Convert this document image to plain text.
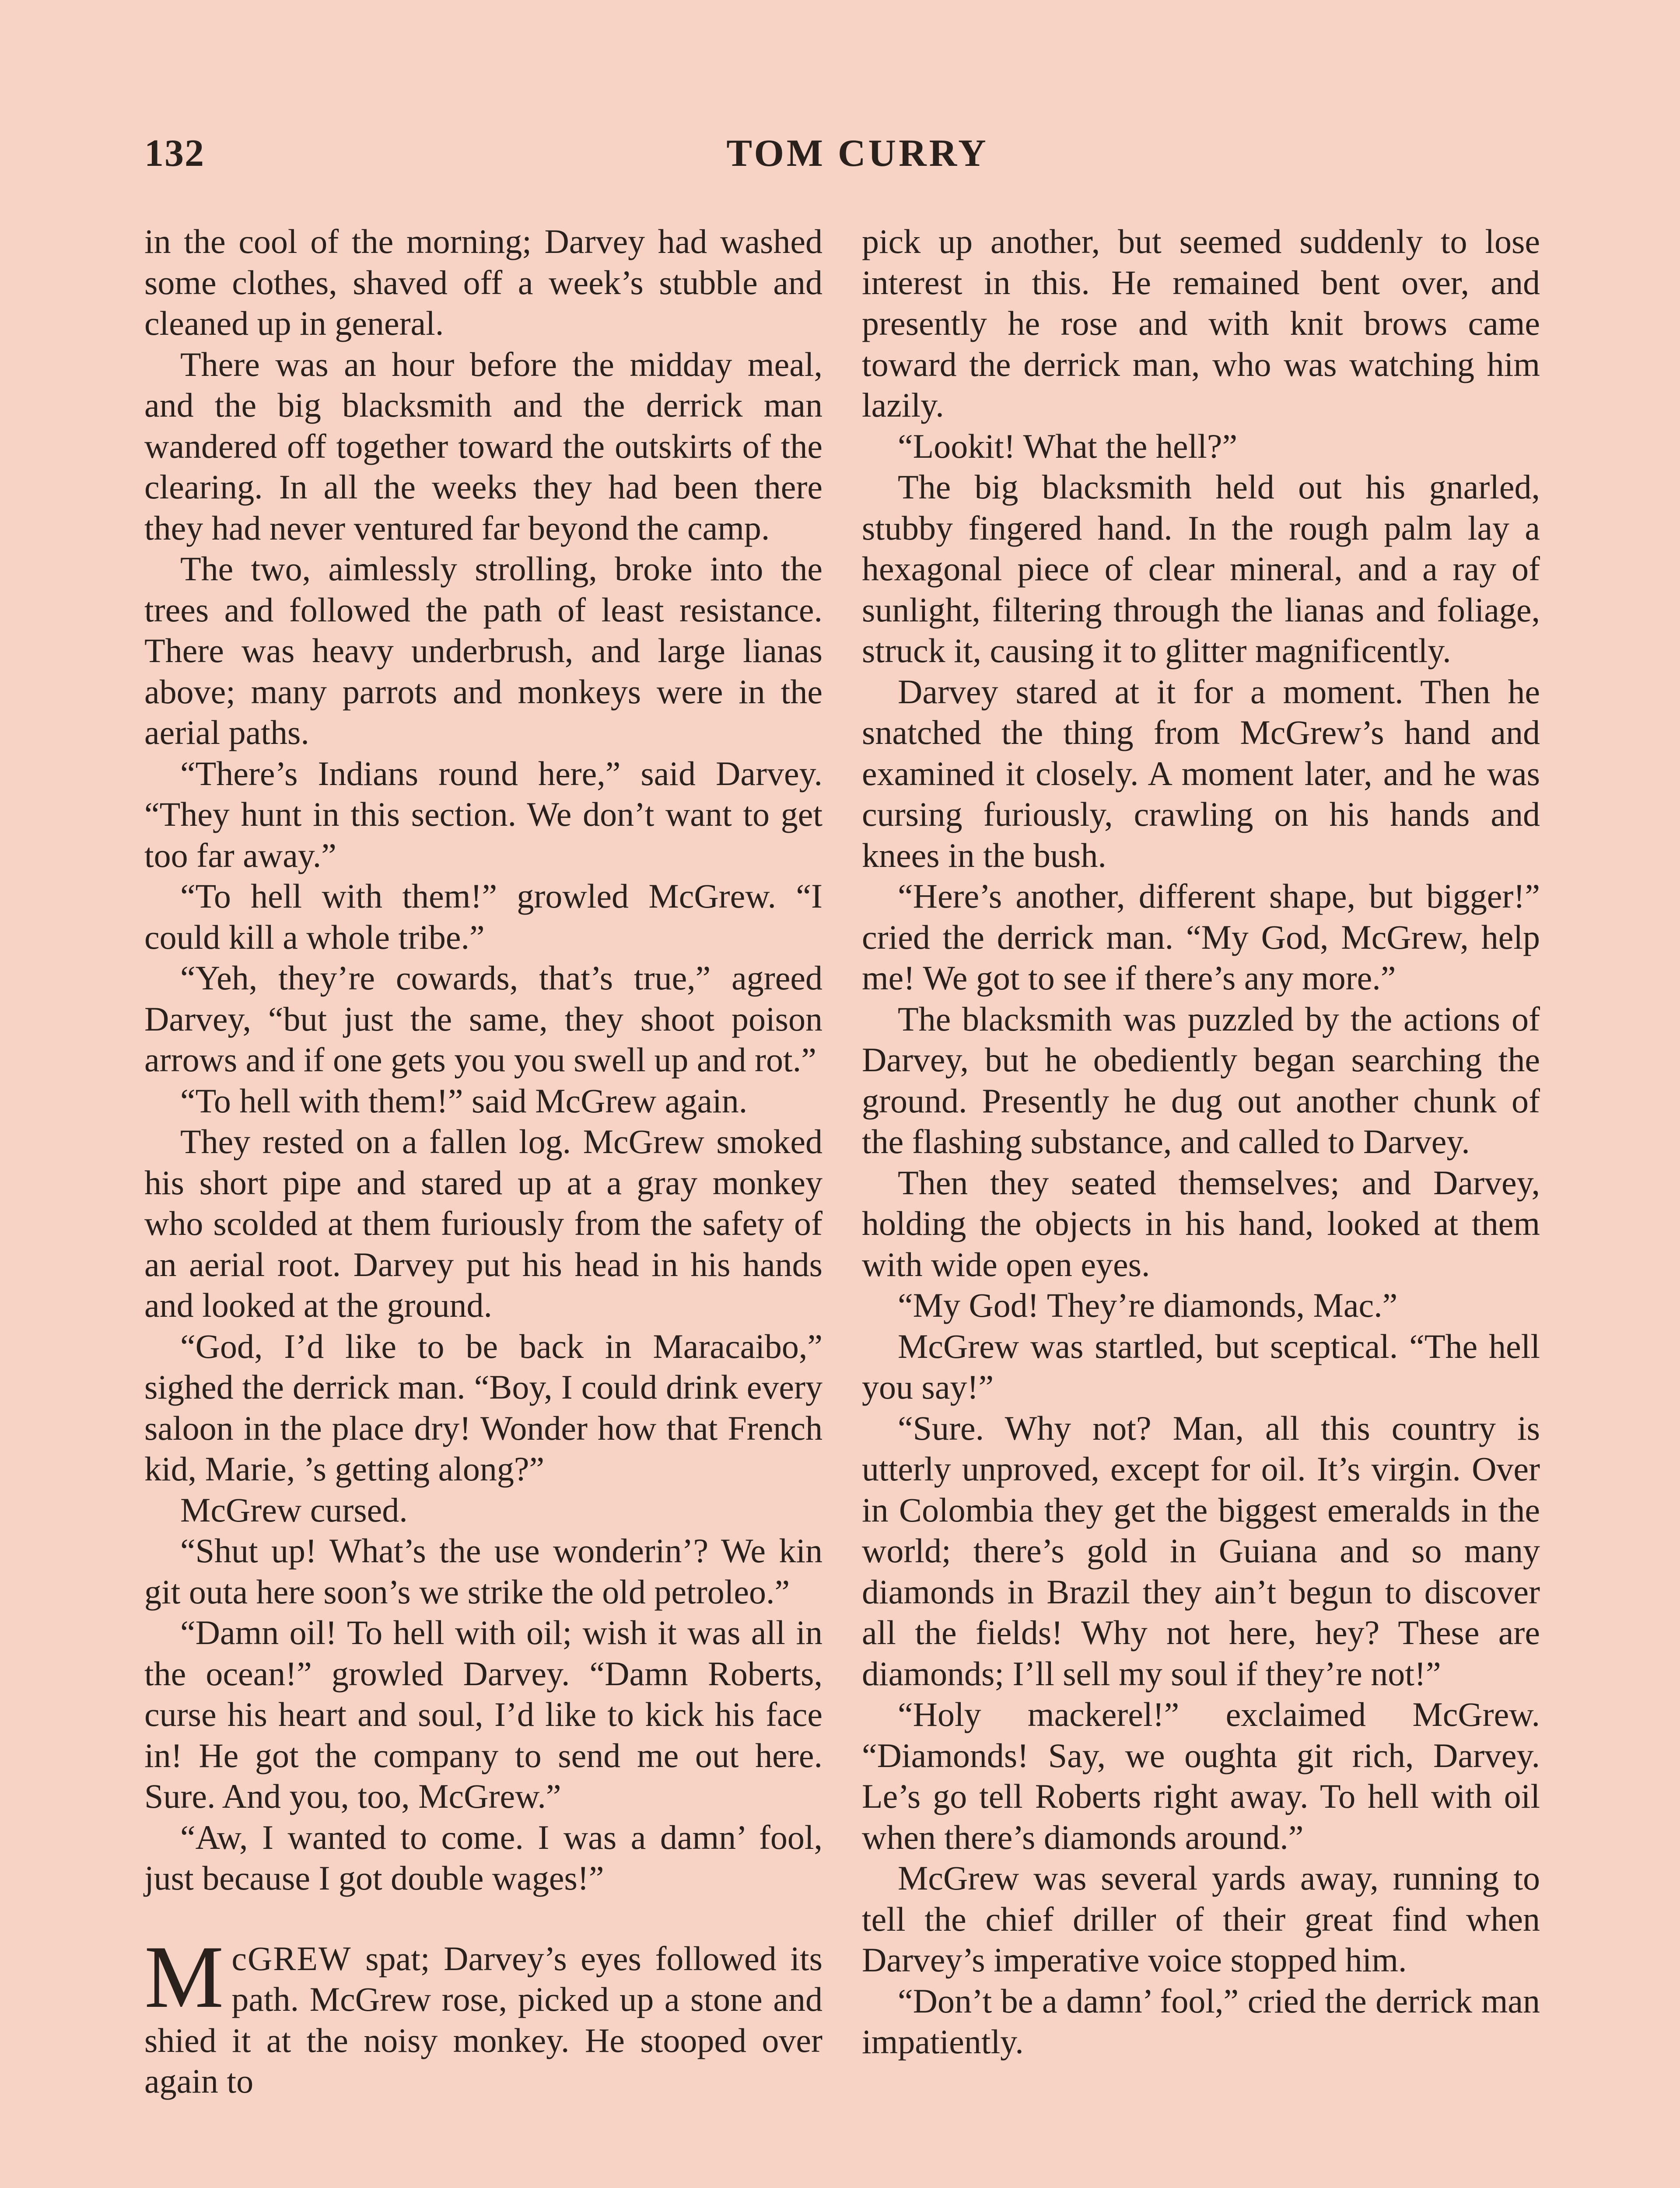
132	TOM CURRY

in the cool of the morning; Darvey had washed some clothes, shaved off a week’s stubble and cleaned up in general.

There was an hour before the midday meal, and the big blacksmith and the derrick man wandered off together toward the outskirts of the clearing. In all the weeks they had been there they had never ventured far beyond the camp.

The two, aimlessly strolling, broke into the trees and followed the path of least resistance. There was heavy underbrush, and large lianas above; many parrots and monkeys were in the aerial paths.

“There’s Indians round here,” said Darvey. “They hunt in this section. We don’t want to get too far away.”

“To hell with them!” growled McGrew. “I could kill a whole tribe.”

“Yeh, they’re cowards, that’s true,” agreed Darvey, “but just the same, they shoot poison arrows and if one gets you you swell up and rot.”

“To hell with them!” said McGrew again.

They rested on a fallen log. McGrew smoked his short pipe and stared up at a gray monkey who scolded at them furiously from the safety of an aerial root. Darvey put his head in his hands and looked at the ground.

“God, I’d like to be back in Maracaibo,” sighed the derrick man. “Boy, I could drink every saloon in the place dry! Wonder how that French kid, Marie, ’s getting along?”

McGrew cursed.

“Shut up! What’s the use wonderin’? We kin git outa here soon’s we strike the old petroleo.”

“Damn oil! To hell with oil; wish it was all in the ocean!” growled Darvey. “Damn Roberts, curse his heart and soul, I’d like to kick his face in! He got the company to send me out here. Sure. And you, too, McGrew.”

“Aw, I wanted to come. I was a damn’ fool, just because I got double wages!”

McGREW spat; Darvey’s eyes followed its path. McGrew rose, picked up a stone and shied it at the noisy monkey. He stooped over again to

pick up another, but seemed suddenly to lose interest in this. He remained bent over, and presently he rose and with knit brows came toward the derrick man, who was watching him lazily.

“Lookit! What the hell?”

The big blacksmith held out his gnarled, stubby fingered hand. In the rough palm lay a hexagonal piece of clear mineral, and a ray of sunlight, filtering through the lianas and foliage, struck it, causing it to glitter magnificently.

Darvey stared at it for a moment. Then he snatched the thing from McGrew’s hand and examined it closely. A moment later, and he was cursing furiously, crawling on his hands and knees in the bush.

“Here’s another, different shape, but bigger!” cried the derrick man. “My God, McGrew, help me! We got to see if there’s any more.”

The blacksmith was puzzled by the actions of Darvey, but he obediently began searching the ground. Presently he dug out another chunk of the flashing substance, and called to Darvey.

Then they seated themselves; and Darvey, holding the objects in his hand, looked at them with wide open eyes.

“My God! They’re diamonds, Mac.”

McGrew was startled, but sceptical. “The hell you say!”

“Sure. Why not? Man, all this country is utterly unproved, except for oil. It’s virgin. Over in Colombia they get the biggest emeralds in the world; there’s gold in Guiana and so many diamonds in Brazil they ain’t begun to discover all the fields! Why not here, hey? These are diamonds; I’ll sell my soul if they’re not!”

“Holy mackerel!” exclaimed McGrew. “Diamonds! Say, we oughta git rich, Darvey. Le’s go tell Roberts right away. To hell with oil when there’s diamonds around.”

McGrew was several yards away, running to tell the chief driller of their great find when Darvey’s imperative voice stopped him.

“Don’t be a damn’ fool,” cried the derrick man impatiently.
